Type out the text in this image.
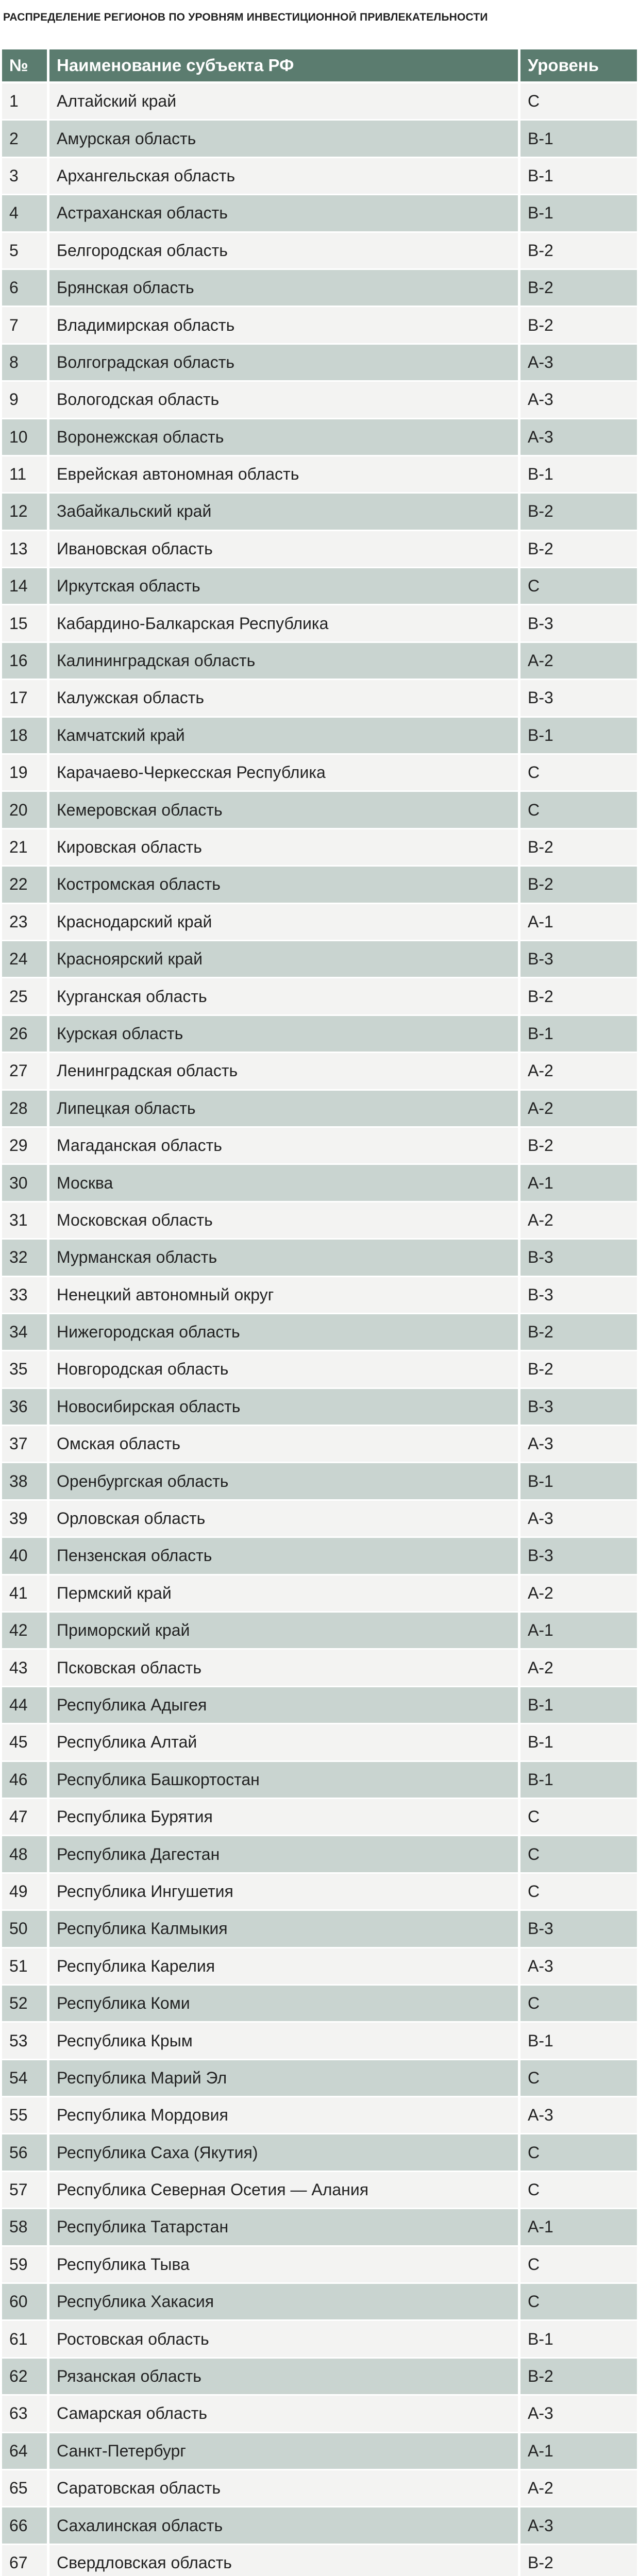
РАСПРЕДЕЛЕНИЕ РЕГИОНОВ ПО УРОВНЯМ ИНВЕСТИЦИОННОЙ ПРИВЛЕКАТЕЛЬНОСТИ
№	Наименование субъекта РФ	Уровень
1	Алтайский край	С
2	Амурская область	В-1
3	Архангельская область	В-1
4	Астраханская область	В-1
5	Белгородская область	В-2
6	Брянская область	В-2
7	Владимирская область	В-2
8	Волгоградская область	А-3
9	Вологодская область	А-3
10	Воронежская область	А-3
11	Еврейская автономная область	В-1
12	Забайкальский край	В-2
13	Ивановская область	В-2
14	Иркутская область	С
15	Кабардино-Балкарская Республика	В-3
16	Калининградская область	А-2
17	Калужская область	В-3
18	Камчатский край	В-1
19	Карачаево-Черкесская Республика	С
20	Кемеровская область	С
21	Кировская область	В-2
22	Костромская область	В-2
23	Краснодарский край	А-1
24	Красноярский край	В-3
25	Курганская область	В-2
26	Курская область	В-1
27	Ленинградская область	А-2
28	Липецкая область	А-2
29	Магаданская область	В-2
30	Москва	А-1
31	Московская область	А-2
32	Мурманская область	В-3
33	Ненецкий автономный округ	В-3
34	Нижегородская область	В-2
35	Новгородская область	В-2
36	Новосибирская область	В-3
37	Омская область	А-3
38	Оренбургская область	В-1
39	Орловская область	А-3
40	Пензенская область	В-3
41	Пермский край	А-2
42	Приморский край	А-1
43	Псковская область	А-2
44	Республика Адыгея	В-1
45	Республика Алтай	В-1
46	Республика Башкортостан	В-1
47	Республика Бурятия	С
48	Республика Дагестан	С
49	Республика Ингушетия	С
50	Республика Калмыкия	В-3
51	Республика Карелия	А-3
52	Республика Коми	С
53	Республика Крым	В-1
54	Республика Марий Эл	С
55	Республика Мордовия	А-3
56	Республика Саха (Якутия)	С
57	Республика Северная Осетия — Алания	С
58	Республика Татарстан	А-1
59	Республика Тыва	С
60	Республика Хакасия	С
61	Ростовская область	В-1
62	Рязанская область	В-2
63	Самарская область	А-3
64	Санкт-Петербург	А-1
65	Саратовская область	А-2
66	Сахалинская область	А-3
67	Свердловская область	В-2
